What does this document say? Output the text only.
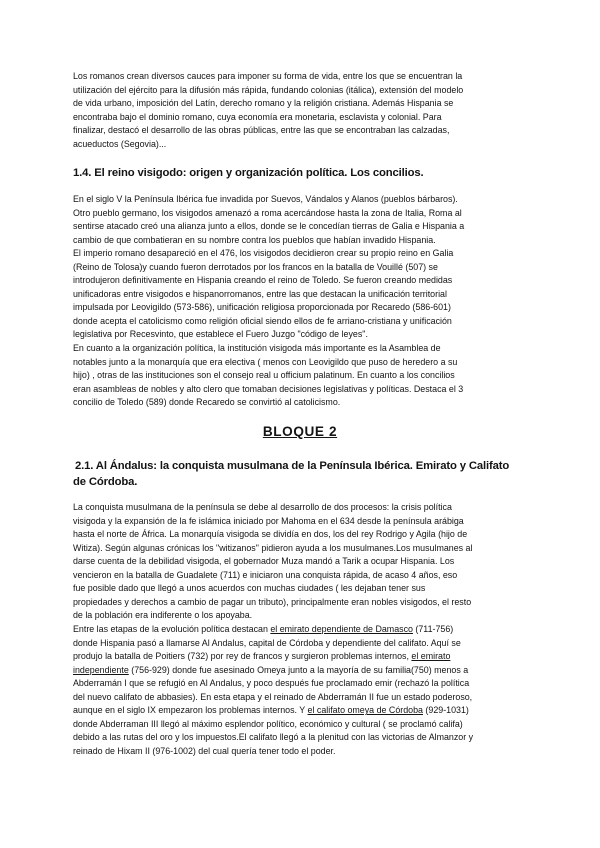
Los romanos crean diversos cauces para imponer su forma de vida, entre los que se encuentran la
utilización del ejército para la difusión más rápida, fundando colonias (itálica), extensión del modelo
de vida urbano, imposición del Latín, derecho romano y la religión cristiana. Además Hispania se
encontraba bajo el dominio romano, cuya economía era monetaria, esclavista y colonial. Para
finalizar, destacó el desarrollo de las obras públicas, entre las que se encontraban las calzadas,
acueductos (Segovia)...
1.4. El reino visigodo: origen y organización política. Los concilios.
En el siglo V la Península Ibérica fue invadida por Suevos, Vándalos y Alanos (pueblos bárbaros).
Otro pueblo germano, los visigodos amenazó a roma acercándose hasta la zona de Italia, Roma al
sentirse atacado creó una alianza junto a ellos, donde se le concedían tierras de Galia e Hispania a
cambio de que combatieran en su nombre contra los pueblos que habían invadido Hispania.
El imperio romano desapareció en el 476, los visigodos decidieron crear su propio reino en Galia
(Reino de Tolosa)y cuando fueron derrotados por los francos en la batalla de Vouillé (507) se
introdujeron definitivamente en Hispania creando el reino de Toledo. Se fueron creando medidas
unificadoras entre visigodos e hispanorromanos, entre las que destacan la unificación territorial
impulsada por Leovigildo (573-586), unificación religiosa proporcionada por Recaredo (586-601)
donde acepta el catolicismo como religión oficial siendo ellos de fe arriano-cristiana y unificación
legislativa por Recesvinto, que establece el Fuero Juzgo "código de leyes".
En cuanto a la organización política, la institución visigoda más importante es la Asamblea de
notables junto a la monarquía que era electiva ( menos con Leovigildo que puso de heredero a su
hijo) , otras de las instituciones son el consejo real u officium palatinum. En cuanto a los concilios
eran asambleas de nobles y alto clero que tomaban decisiones legislativas y políticas. Destaca el 3
concilio de Toledo (589) donde Recaredo se convirtió al catolicismo.
BLOQUE 2
2.1. Al Ándalus: la conquista musulmana de la Península Ibérica. Emirato y Califato
de Córdoba.
La conquista musulmana de la península se debe al desarrollo de dos procesos: la crisis política
visigoda y la expansión de la fe islámica iniciado por Mahoma en el 634 desde la península arábiga
hasta el norte de África. La monarquía visigoda se dividía en dos, los del rey Rodrigo y Agila (hijo de
Witiza). Según algunas crónicas los "witizanos" pidieron ayuda a los musulmanes.Los musulmanes al
darse cuenta de la debilidad visigoda, el gobernador Muza mandó a Tarik a ocupar Hispania. Los
vencieron en la batalla de Guadalete (711) e iniciaron una conquista rápida, de acaso 4 años, eso
fue posible dado que llegó a unos acuerdos con muchas ciudades ( les dejaban tener sus
propiedades y derechos a cambio de pagar un tributo), principalmente eran nobles visigodos, el resto
de la población era indiferente o los apoyaba.
Entre las etapas de la evolución política destacan el emirato dependiente de Damasco (711-756)
donde Hispania pasó a llamarse Al Andalus, capital de Córdoba y dependiente del califato. Aquí se
produjo la batalla de Poitiers (732) por rey de francos y surgieron problemas internos, el emirato
independiente (756-929) donde fue asesinado Omeya junto a la mayoría de su familia(750) menos a
Abderramán I que se refugió en Al Andalus, y poco después fue proclamado emir (rechazó la política
del nuevo califato de abbasies). En esta etapa y el reinado de Abderramán II fue un estado poderoso,
aunque en el siglo IX empezaron los problemas internos. Y el califato omeya de Córdoba (929-1031)
donde Abderraman III llegó al máximo esplendor político, económico y cultural ( se proclamó califa)
debido a las rutas del oro y los impuestos.El califato llegó a la plenitud con las victorias de Almanzor y
reinado de Hixam II (976-1002) del cual quería tener todo el poder.
